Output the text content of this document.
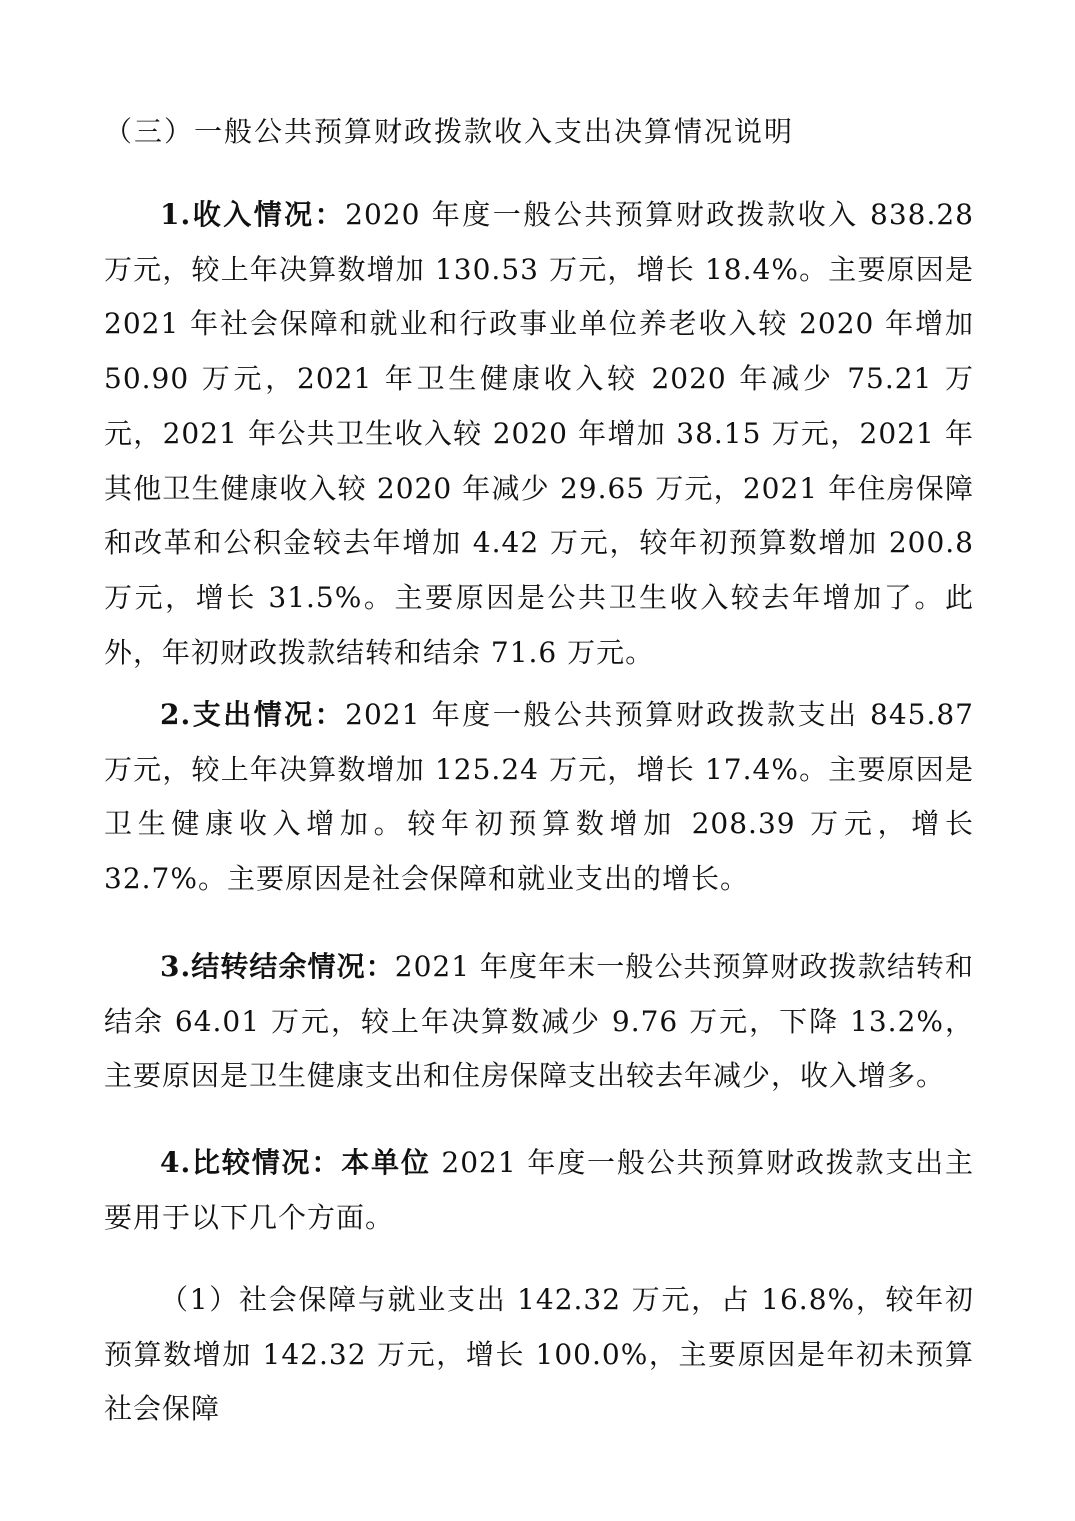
（三）一般公共预算财政拨款收入支出决算情况说明

1.收入情况：2020 年度一般公共预算财政拨款收入 838.28 万元，较上年决算数增加 130.53 万元，增长 18.4%。主要原因是 2021 年社会保障和就业和行政事业单位养老收入较 2020 年增加 50.90 万元，2021 年卫生健康收入较 2020 年减少 75.21 万元，2021 年公共卫生收入较 2020 年增加 38.15 万元，2021 年其他卫生健康收入较 2020 年减少 29.65 万元，2021 年住房保障和改革和公积金较去年增加 4.42 万元，较年初预算数增加 200.8 万元，增长 31.5%。主要原因是公共卫生收入较去年增加了。此外，年初财政拨款结转和结余 71.6 万元。

2.支出情况：2021 年度一般公共预算财政拨款支出 845.87 万元，较上年决算数增加 125.24 万元，增长 17.4%。主要原因是卫生健康收入增加。较年初预算数增加 208.39 万元，增长 32.7%。主要原因是社会保障和就业支出的增长。

3.结转结余情况：2021 年度年末一般公共预算财政拨款结转和结余 64.01 万元，较上年决算数减少 9.76 万元，下降 13.2%，主要原因是卫生健康支出和住房保障支出较去年减少，收入增多。

4.比较情况：本单位 2021 年度一般公共预算财政拨款支出主要用于以下几个方面。

（1）社会保障与就业支出 142.32 万元，占 16.8%，较年初预算数增加 142.32 万元，增长 100.0%，主要原因是年初未预算社会保障
